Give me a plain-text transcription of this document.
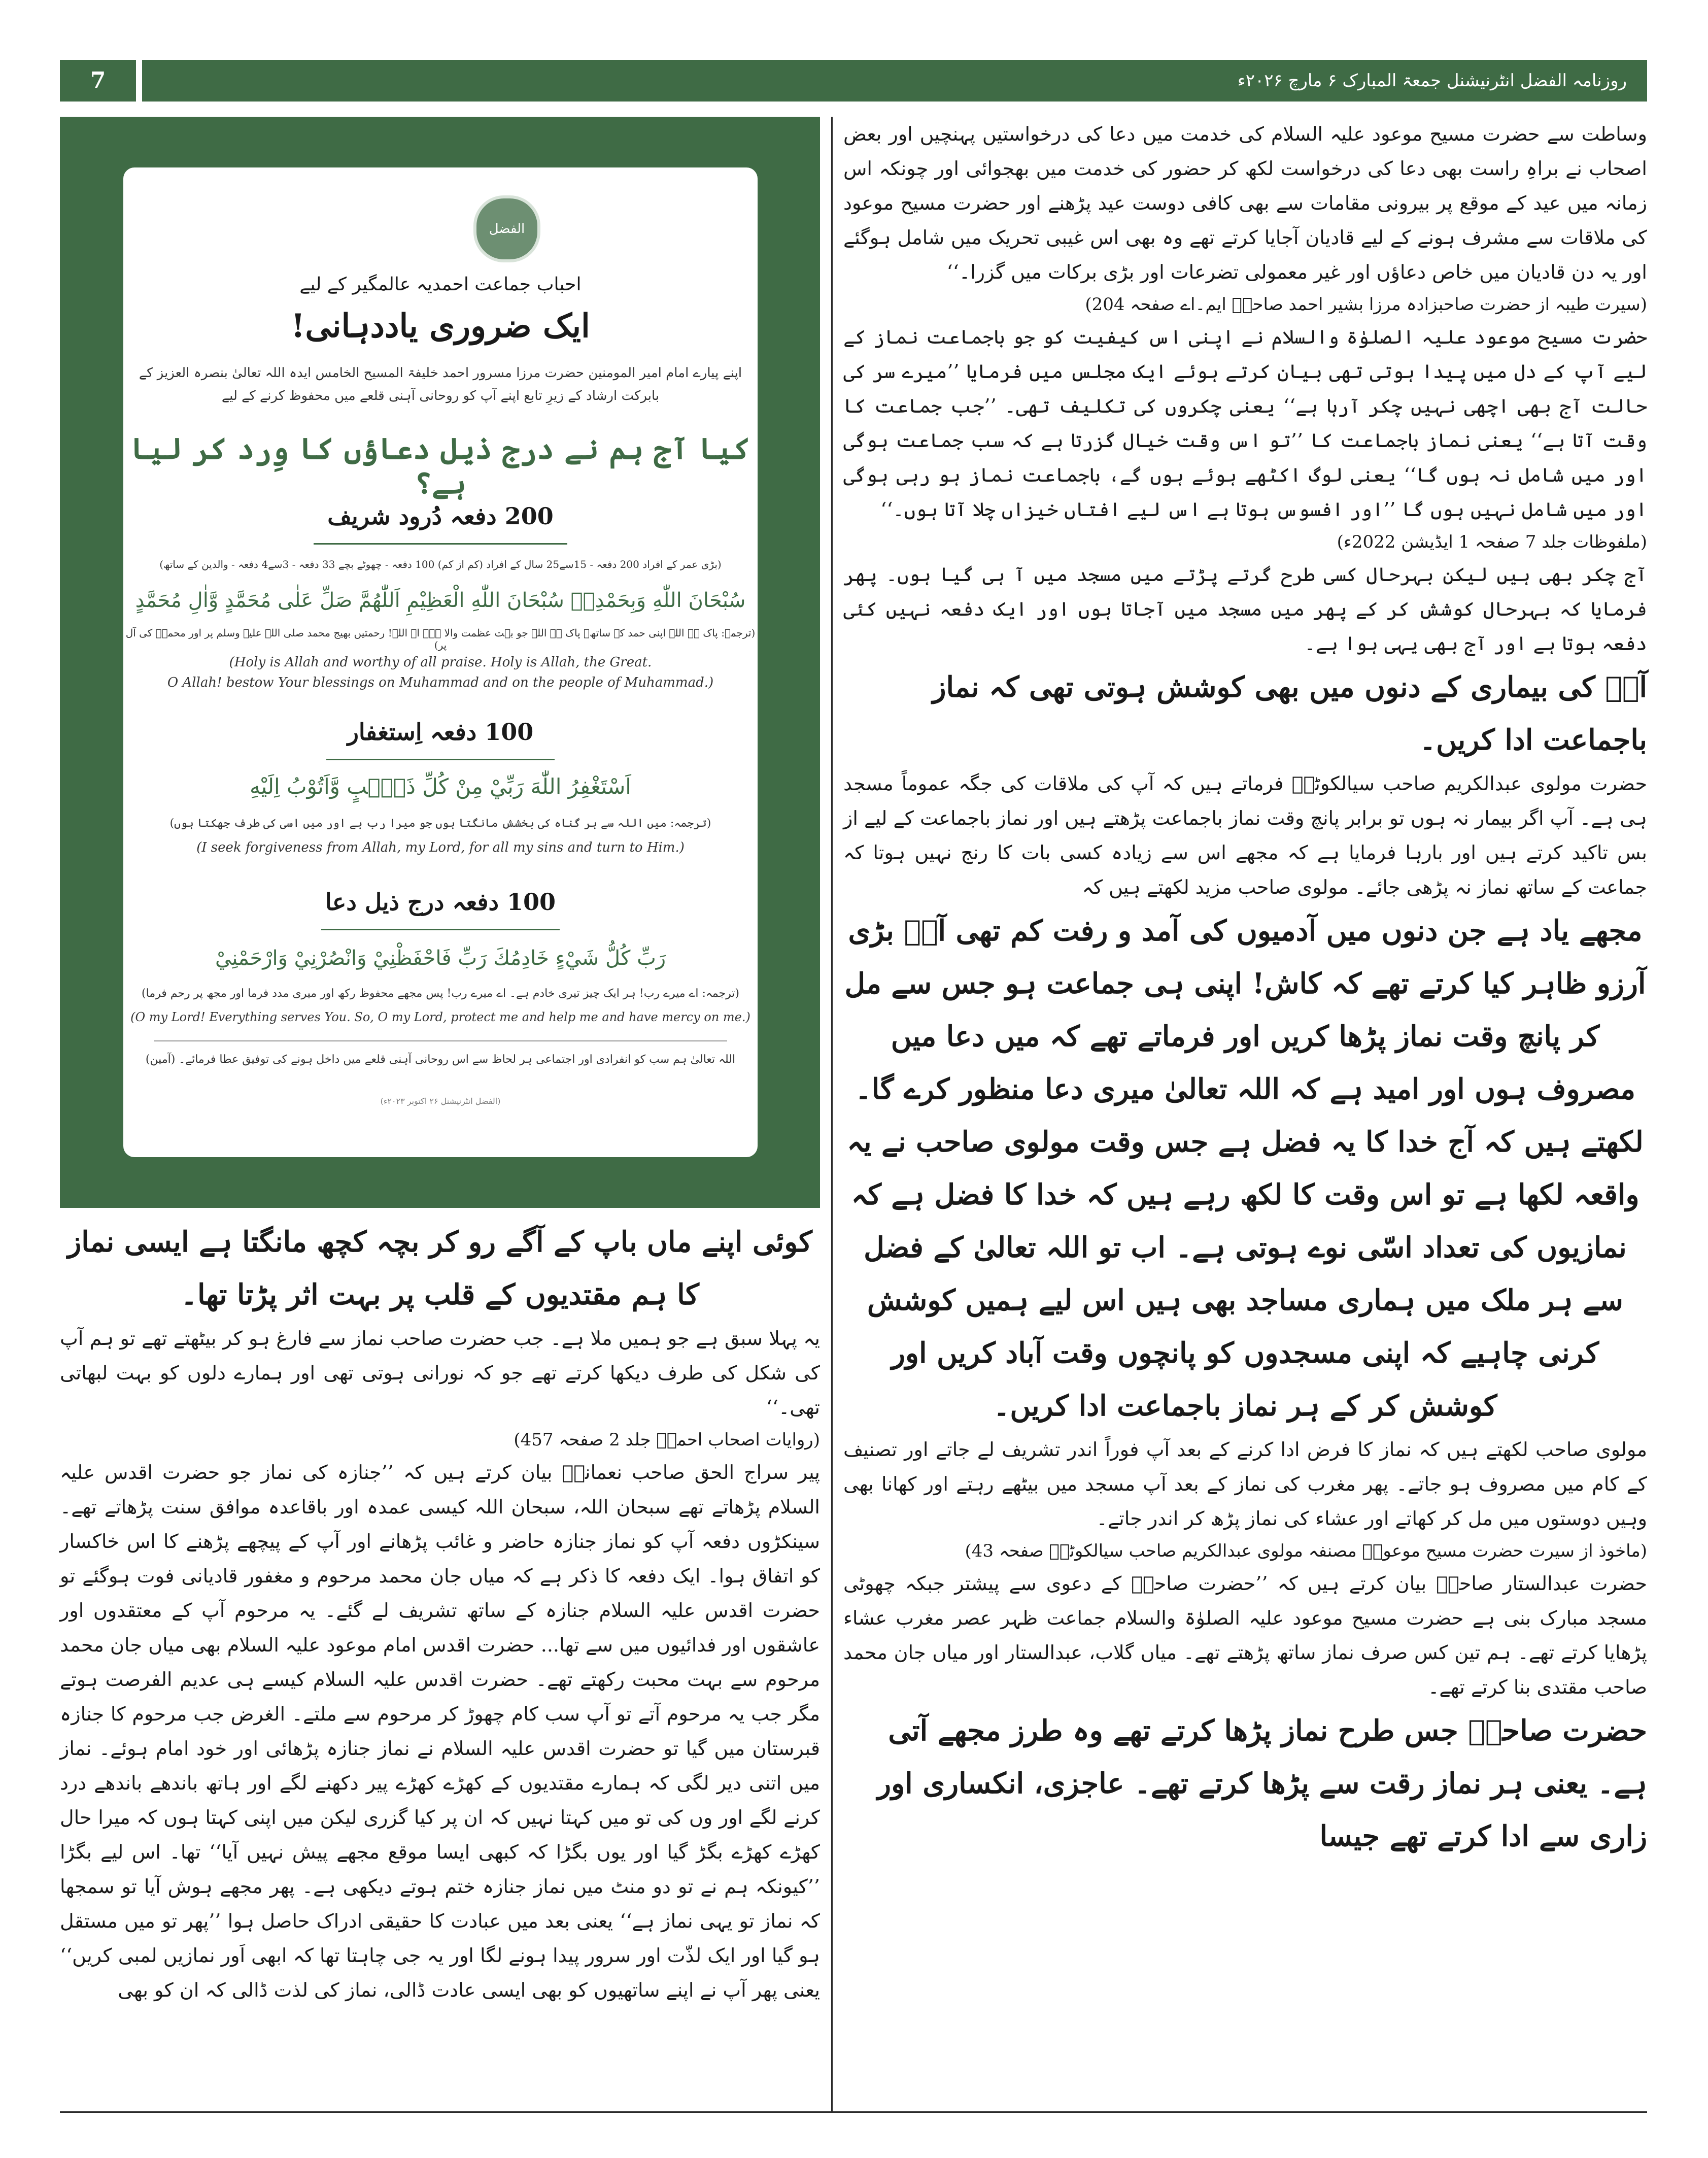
7	روزنامہ الفضل انٹرنیشنل جمعۃ المبارک ۶ مارچ ۲۰۲۶ء
الفضل
احباب جماعت احمدیہ عالمگیر کے لیے
ایک ضروری یاددہانی!
اپنے پیارے امام امیر المومنین حضرت مرزا مسرور احمد خلیفۃ المسیح الخامس ایدہ اللہ تعالیٰ بنصرہ العزیز کے
بابرکت ارشاد کے زیرِ تابع اپنے آپ کو روحانی آہنی قلعے میں محفوظ کرنے کے لیے
کیا آج ہم نے درج ذیل دعاؤں کا وِرد کر لیا ہے؟
200 دفعہ دُرود شریف
(بڑی عمر کے افراد 200 دفعہ - 15سے25 سال کے افراد (کم از کم) 100 دفعہ - چھوٹے بچے 33 دفعہ - 3سے4 دفعہ - والدین کے ساتھ)
سُبْحَانَ اللّٰهِ وَبِحَمْدِهٖ سُبْحَانَ اللّٰهِ الْعَظِيْمِ اَللّٰهُمَّ صَلِّ عَلٰى مُحَمَّدٍ وَّاٰلِ مُحَمَّدٍ
(ترجمہ: پاک ہے اللہ اپنی حمد کے ساتھ۔ پاک ہے اللہ جو بہت عظمت والا ہے۔ اے اللہ! رحمتیں بھیج محمد صلی اللہ علیہ وسلم پر اور محمدؐ کی آل پر)
(Holy is Allah and worthy of all praise. Holy is Allah, the Great.
O Allah! bestow Your blessings on Muhammad and on the people of Muhammad.)
100 دفعہ اِستغفار
اَسْتَغْفِرُ اللّٰهَ رَبِّيْ مِنْ كُلِّ ذَنْۢبٍ وَّاَتُوْبُ اِلَيْهِ
(ترجمہ: میں اللہ سے ہر گناہ کی بخشش مانگتا ہوں جو میرا رب ہے اور میں اسی کی طرف جھکتا ہوں)
(I seek forgiveness from Allah, my Lord, for all my sins and turn to Him.)
100 دفعہ درج ذیل دعا
رَبِّ كُلُّ شَيْءٍ خَادِمُكَ رَبِّ فَاحْفَظْنِيْ وَانْصُرْنِيْ وَارْحَمْنِيْ
(ترجمہ: اے میرے رب! ہر ایک چیز تیری خادم ہے۔ اے میرے رب! پس مجھے محفوظ رکھ اور میری مدد فرما اور مجھ پر رحم فرما)
(O my Lord! Everything serves You. So, O my Lord, protect me and help me and have mercy on me.)
اللہ تعالیٰ ہم سب کو انفرادی اور اجتماعی ہر لحاظ سے اس روحانی آہنی قلعے میں داخل ہونے کی توفیق عطا فرمائے۔ (آمین)
(الفضل انٹرنیشنل ۲۶ اکتوبر ۲۰۲۳ء)

وساطت سے حضرت مسیح موعود علیہ السلام کی خدمت میں دعا کی درخواستیں پہنچیں اور بعض اصحاب نے براہِ راست بھی دعا کی درخواست لکھ کر حضور کی خدمت میں بھجوائی اور چونکہ اس زمانہ میں عید کے موقع پر بیرونی مقامات سے بھی کافی دوست عید پڑھنے اور حضرت مسیح موعود کی ملاقات سے مشرف ہونے کے لیے قادیان آجایا کرتے تھے وہ بھی اس غیبی تحریک میں شامل ہوگئے اور یہ دن قادیان میں خاص دعاؤں اور غیر معمولی تضرعات اور بڑی برکات میں گزرا۔‘‘

(سیرت طیبہ از حضرت صاحبزادہ مرزا بشیر احمد صاحبؓ ایم۔اے صفحہ 204)

حضرت مسیح موعود علیہ الصلوٰۃ والسلام نے اپنی اس کیفیت کو جو باجماعت نماز کے لیے آپ کے دل میں پیدا ہوتی تھی بیان کرتے ہوئے ایک مجلس میں فرمایا ’’میرے سر کی حالت آج بھی اچھی نہیں چکر آرہا ہے‘‘ یعنی چکروں کی تکلیف تھی۔ ’’جب جماعت کا وقت آتا ہے‘‘ یعنی نماز باجماعت کا ’’تو اس وقت خیال گزرتا ہے کہ سب جماعت ہوگی اور میں شامل نہ ہوں گا‘‘ یعنی لوگ اکٹھے ہوئے ہوں گے، باجماعت نماز ہو رہی ہوگی اور میں شامل نہیں ہوں گا ’’اور افسوس ہوتا ہے اس لیے افتاں خیزاں چلا آتا ہوں۔‘‘

(ملفوظات جلد 7 صفحہ 1 ایڈیشن 2022ء)

آج چکر بھی ہیں لیکن بہرحال کسی طرح گرتے پڑتے میں مسجد میں آ ہی گیا ہوں۔ پھر فرمایا کہ بہرحال کوشش کر کے پھر میں مسجد میں آجاتا ہوں اور ایک دفعہ نہیں کئی دفعہ ہوتا ہے اور آج بھی یہی ہوا ہے۔

آپؑ کی بیماری کے دنوں میں بھی کوشش ہوتی تھی کہ نماز باجماعت ادا کریں۔

حضرت مولوی عبدالکریم صاحب سیالکوٹیؓ فرماتے ہیں کہ آپ کی ملاقات کی جگہ عموماً مسجد ہی ہے۔ آپ اگر بیمار نہ ہوں تو برابر پانچ وقت نماز باجماعت پڑھتے ہیں اور نماز باجماعت کے لیے از بس تاکید کرتے ہیں اور بارہا فرمایا ہے کہ مجھے اس سے زیادہ کسی بات کا رنج نہیں ہوتا کہ جماعت کے ساتھ نماز نہ پڑھی جائے۔ مولوی صاحب مزید لکھتے ہیں کہ

مجھے یاد ہے جن دنوں میں آدمیوں کی آمد و رفت کم تھی آپؑ بڑی آرزو ظاہر کیا کرتے تھے کہ کاش! اپنی ہی جماعت ہو جس سے مل کر پانچ وقت نماز پڑھا کریں اور فرماتے تھے کہ میں دعا میں مصروف ہوں اور امید ہے کہ اللہ تعالیٰ میری دعا منظور کرے گا۔ لکھتے ہیں کہ آج خدا کا یہ فضل ہے جس وقت مولوی صاحب نے یہ واقعہ لکھا ہے تو اس وقت کا لکھ رہے ہیں کہ خدا کا فضل ہے کہ نمازیوں کی تعداد اسّی نوے ہوتی ہے۔ اب تو اللہ تعالیٰ کے فضل سے ہر ملک میں ہماری مساجد بھی ہیں اس لیے ہمیں کوشش کرنی چاہیے کہ اپنی مسجدوں کو پانچوں وقت آباد کریں اور کوشش کر کے ہر نماز باجماعت ادا کریں۔

مولوی صاحب لکھتے ہیں کہ نماز کا فرض ادا کرنے کے بعد آپ فوراً اندر تشریف لے جاتے اور تصنیف کے کام میں مصروف ہو جاتے۔ پھر مغرب کی نماز کے بعد آپ مسجد میں بیٹھے رہتے اور کھانا بھی وہیں دوستوں میں مل کر کھاتے اور عشاء کی نماز پڑھ کر اندر جاتے۔

(ماخوذ از سیرت حضرت مسیح موعودؑ مصنفہ مولوی عبدالکریم صاحب سیالکوٹیؓ صفحہ 43)

حضرت عبدالستار صاحبؓ بیان کرتے ہیں کہ ’’حضرت صاحبؑ کے دعوی سے پیشتر جبکہ چھوٹی مسجد مبارک بنی ہے حضرت مسیح موعود علیہ الصلوٰۃ والسلام جماعت ظہر عصر مغرب عشاء پڑھایا کرتے تھے۔ ہم تین کس صرف نماز ساتھ پڑھتے تھے۔ میاں گلاب، عبدالستار اور میاں جان محمد صاحب مقتدی بنا کرتے تھے۔

حضرت صاحبؑ جس طرح نماز پڑھا کرتے تھے وہ طرز مجھے آتی ہے۔ یعنی ہر نماز رقت سے پڑھا کرتے تھے۔ عاجزی، انکساری اور زاری سے ادا کرتے تھے جیسا

کوئی اپنے ماں باپ کے آگے رو کر بچہ کچھ مانگتا ہے ایسی نماز کا ہم مقتدیوں کے قلب پر بہت اثر پڑتا تھا۔

یہ پہلا سبق ہے جو ہمیں ملا ہے۔ جب حضرت صاحب نماز سے فارغ ہو کر بیٹھتے تھے تو ہم آپ کی شکل کی طرف دیکھا کرتے تھے جو کہ نورانی ہوتی تھی اور ہمارے دلوں کو بہت لبھاتی تھی۔‘‘

(روایات اصحاب احمدؑ جلد 2 صفحہ 457)

پیر سراج الحق صاحب نعمانیؓ بیان کرتے ہیں کہ ’’جنازہ کی نماز جو حضرت اقدس علیہ السلام پڑھاتے تھے سبحان اللہ، سبحان اللہ کیسی عمدہ اور باقاعدہ موافق سنت پڑھاتے تھے۔ سینکڑوں دفعہ آپ کو نماز جنازہ حاضر و غائب پڑھانے اور آپ کے پیچھے پڑھنے کا اس خاکسار کو اتفاق ہوا۔ ایک دفعہ کا ذکر ہے کہ میاں جان محمد مرحوم و مغفور قادیانی فوت ہوگئے تو حضرت اقدس علیہ السلام جنازہ کے ساتھ تشریف لے گئے۔ یہ مرحوم آپ کے معتقدوں اور عاشقوں اور فدائیوں میں سے تھا... حضرت اقدس امام موعود علیہ السلام بھی میاں جان محمد مرحوم سے بہت محبت رکھتے تھے۔ حضرت اقدس علیہ السلام کیسے ہی عدیم الفرصت ہوتے مگر جب یہ مرحوم آتے تو آپ سب کام چھوڑ کر مرحوم سے ملتے۔ الغرض جب مرحوم کا جنازہ قبرستان میں گیا تو حضرت اقدس علیہ السلام نے نماز جنازہ پڑھائی اور خود امام ہوئے۔ نماز میں اتنی دیر لگی کہ ہمارے مقتدیوں کے کھڑے کھڑے پیر دکھنے لگے اور ہاتھ باندھے باندھے درد کرنے لگے اور وں کی تو میں کہتا نہیں کہ ان پر کیا گزری لیکن میں اپنی کہتا ہوں کہ میرا حال کھڑے کھڑے بگڑ گیا اور یوں بگڑا کہ کبھی ایسا موقع مجھے پیش نہیں آیا‘‘ تھا۔ اس لیے بگڑا ’’کیونکہ ہم نے تو دو منٹ میں نماز جنازہ ختم ہوتے دیکھی ہے۔ پھر مجھے ہوش آیا تو سمجھا کہ نماز تو یہی نماز ہے‘‘ یعنی بعد میں عبادت کا حقیقی ادراک حاصل ہوا ’’پھر تو میں مستقل ہو گیا اور ایک لذّت اور سرور پیدا ہونے لگا اور یہ جی چاہتا تھا کہ ابھی اَور نمازیں لمبی کریں‘‘ یعنی پھر آپ نے اپنے ساتھیوں کو بھی ایسی عادت ڈالی، نماز کی لذت ڈالی کہ ان کو بھی
